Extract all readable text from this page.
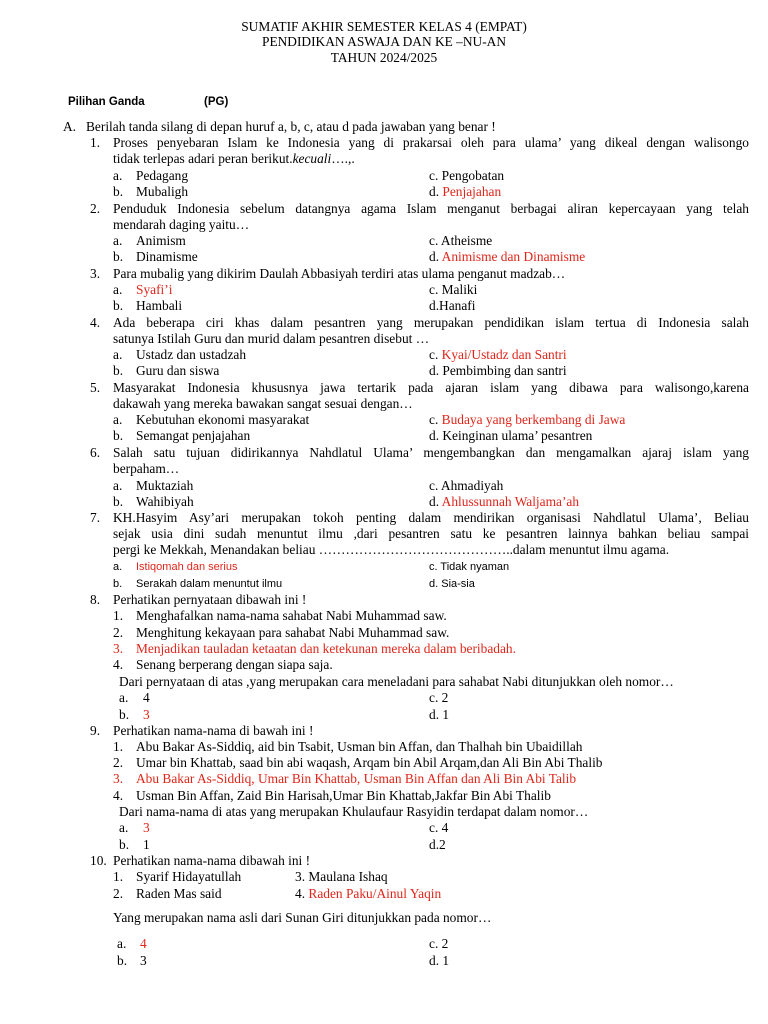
SUMATIF AKHIR SEMESTER KELAS 4 (EMPAT)
PENDIDIKAN ASWAJA DAN KE –NU-AN
TAHUN 2024/2025
Pilihan Ganda	(PG)
A. Berilah tanda silang di depan huruf a, b, c, atau d pada jawaban yang benar !
1. Proses penyebaran Islam ke Indonesia yang di prakarsai oleh para ulama’ yang dikeal dengan walisongo
tidak terlepas adari peran berikut.kecuali….,.
a. Pedagang
b. Mubaligh
c. Pengobatan
d. Penjajahan
2. Penduduk Indonesia sebelum datangnya agama Islam menganut berbagai aliran kepercayaan yang telah
mendarah daging yaitu…
a. Animism
b. Dinamisme
c. Atheisme
d. Animisme dan Dinamisme
3. Para mubalig yang dikirim Daulah Abbasiyah terdiri atas ulama penganut madzab…
a. Syafi’i
b. Hambali
c. Maliki
d.Hanafi
4. Ada beberapa ciri khas dalam pesantren yang merupakan pendidikan islam tertua di Indonesia salah
satunya Istilah Guru dan murid dalam pesantren disebut …
a. Ustadz dan ustadzah
b. Guru dan siswa
c. Kyai/Ustadz dan Santri
d. Pembimbing dan santri
5. Masyarakat Indonesia khususnya jawa tertarik pada ajaran islam yang dibawa para walisongo,karena
dakawah yang mereka bawakan sangat sesuai dengan…
a. Kebutuhan ekonomi masyarakat
b. Semangat penjajahan
c. Budaya yang berkembang di Jawa
d. Keinginan ulama’ pesantren
6. Salah satu tujuan didirikannya Nahdlatul Ulama’ mengembangkan dan mengamalkan ajaraj islam yang
berpaham…
a. Muktaziah
b. Wahibiyah
c. Ahmadiyah
d. Ahlussunnah Waljama’ah
7. KH.Hasyim Asy’ari merupakan tokoh penting dalam mendirikan organisasi Nahdlatul Ulama’, Beliau
sejak usia dini sudah menuntut ilmu ,dari pesantren satu ke pesantren lainnya bahkan beliau sampai
pergi ke Mekkah, Menandakan beliau ……………………………………..dalam menuntut ilmu agama.
a. Istiqomah dan serius
b. Serakah dalam menuntut ilmu
c. Tidak nyaman
d. Sia-sia
8. Perhatikan pernyataan dibawah ini !
1. Menghafalkan nama-nama sahabat Nabi Muhammad saw.
2. Menghitung kekayaan para sahabat Nabi Muhammad saw.
3. Menjadikan tauladan ketaatan dan ketekunan mereka dalam beribadah.
4. Senang berperang dengan siapa saja.
Dari pernyataan di atas ,yang merupakan cara meneladani para sahabat Nabi ditunjukkan oleh nomor…
a. 4
b. 3
c. 2
d. 1
9. Perhatikan nama-nama di bawah ini !
1. Abu Bakar As-Siddiq, aid bin Tsabit, Usman bin Affan, dan Thalhah bin Ubaidillah
2. Umar bin Khattab, saad bin abi waqash, Arqam bin Abil Arqam,dan Ali Bin Abi Thalib
3. Abu Bakar As-Siddiq, Umar Bin Khattab, Usman Bin Affan dan Ali Bin Abi Talib
4. Usman Bin Affan, Zaid Bin Harisah,Umar Bin Khattab,Jakfar Bin Abi Thalib
Dari nama-nama di atas yang merupakan Khulaufaur Rasyidin terdapat dalam nomor…
a. 3
b. 1
c. 4
d.2
10. Perhatikan nama-nama dibawah ini !
1. Syarif Hidayatullah
2. Raden Mas said
3. Maulana Ishaq
4. Raden Paku/Ainul Yaqin
Yang merupakan nama asli dari Sunan Giri ditunjukkan pada nomor…
a. 4
b. 3
c. 2
d. 1
